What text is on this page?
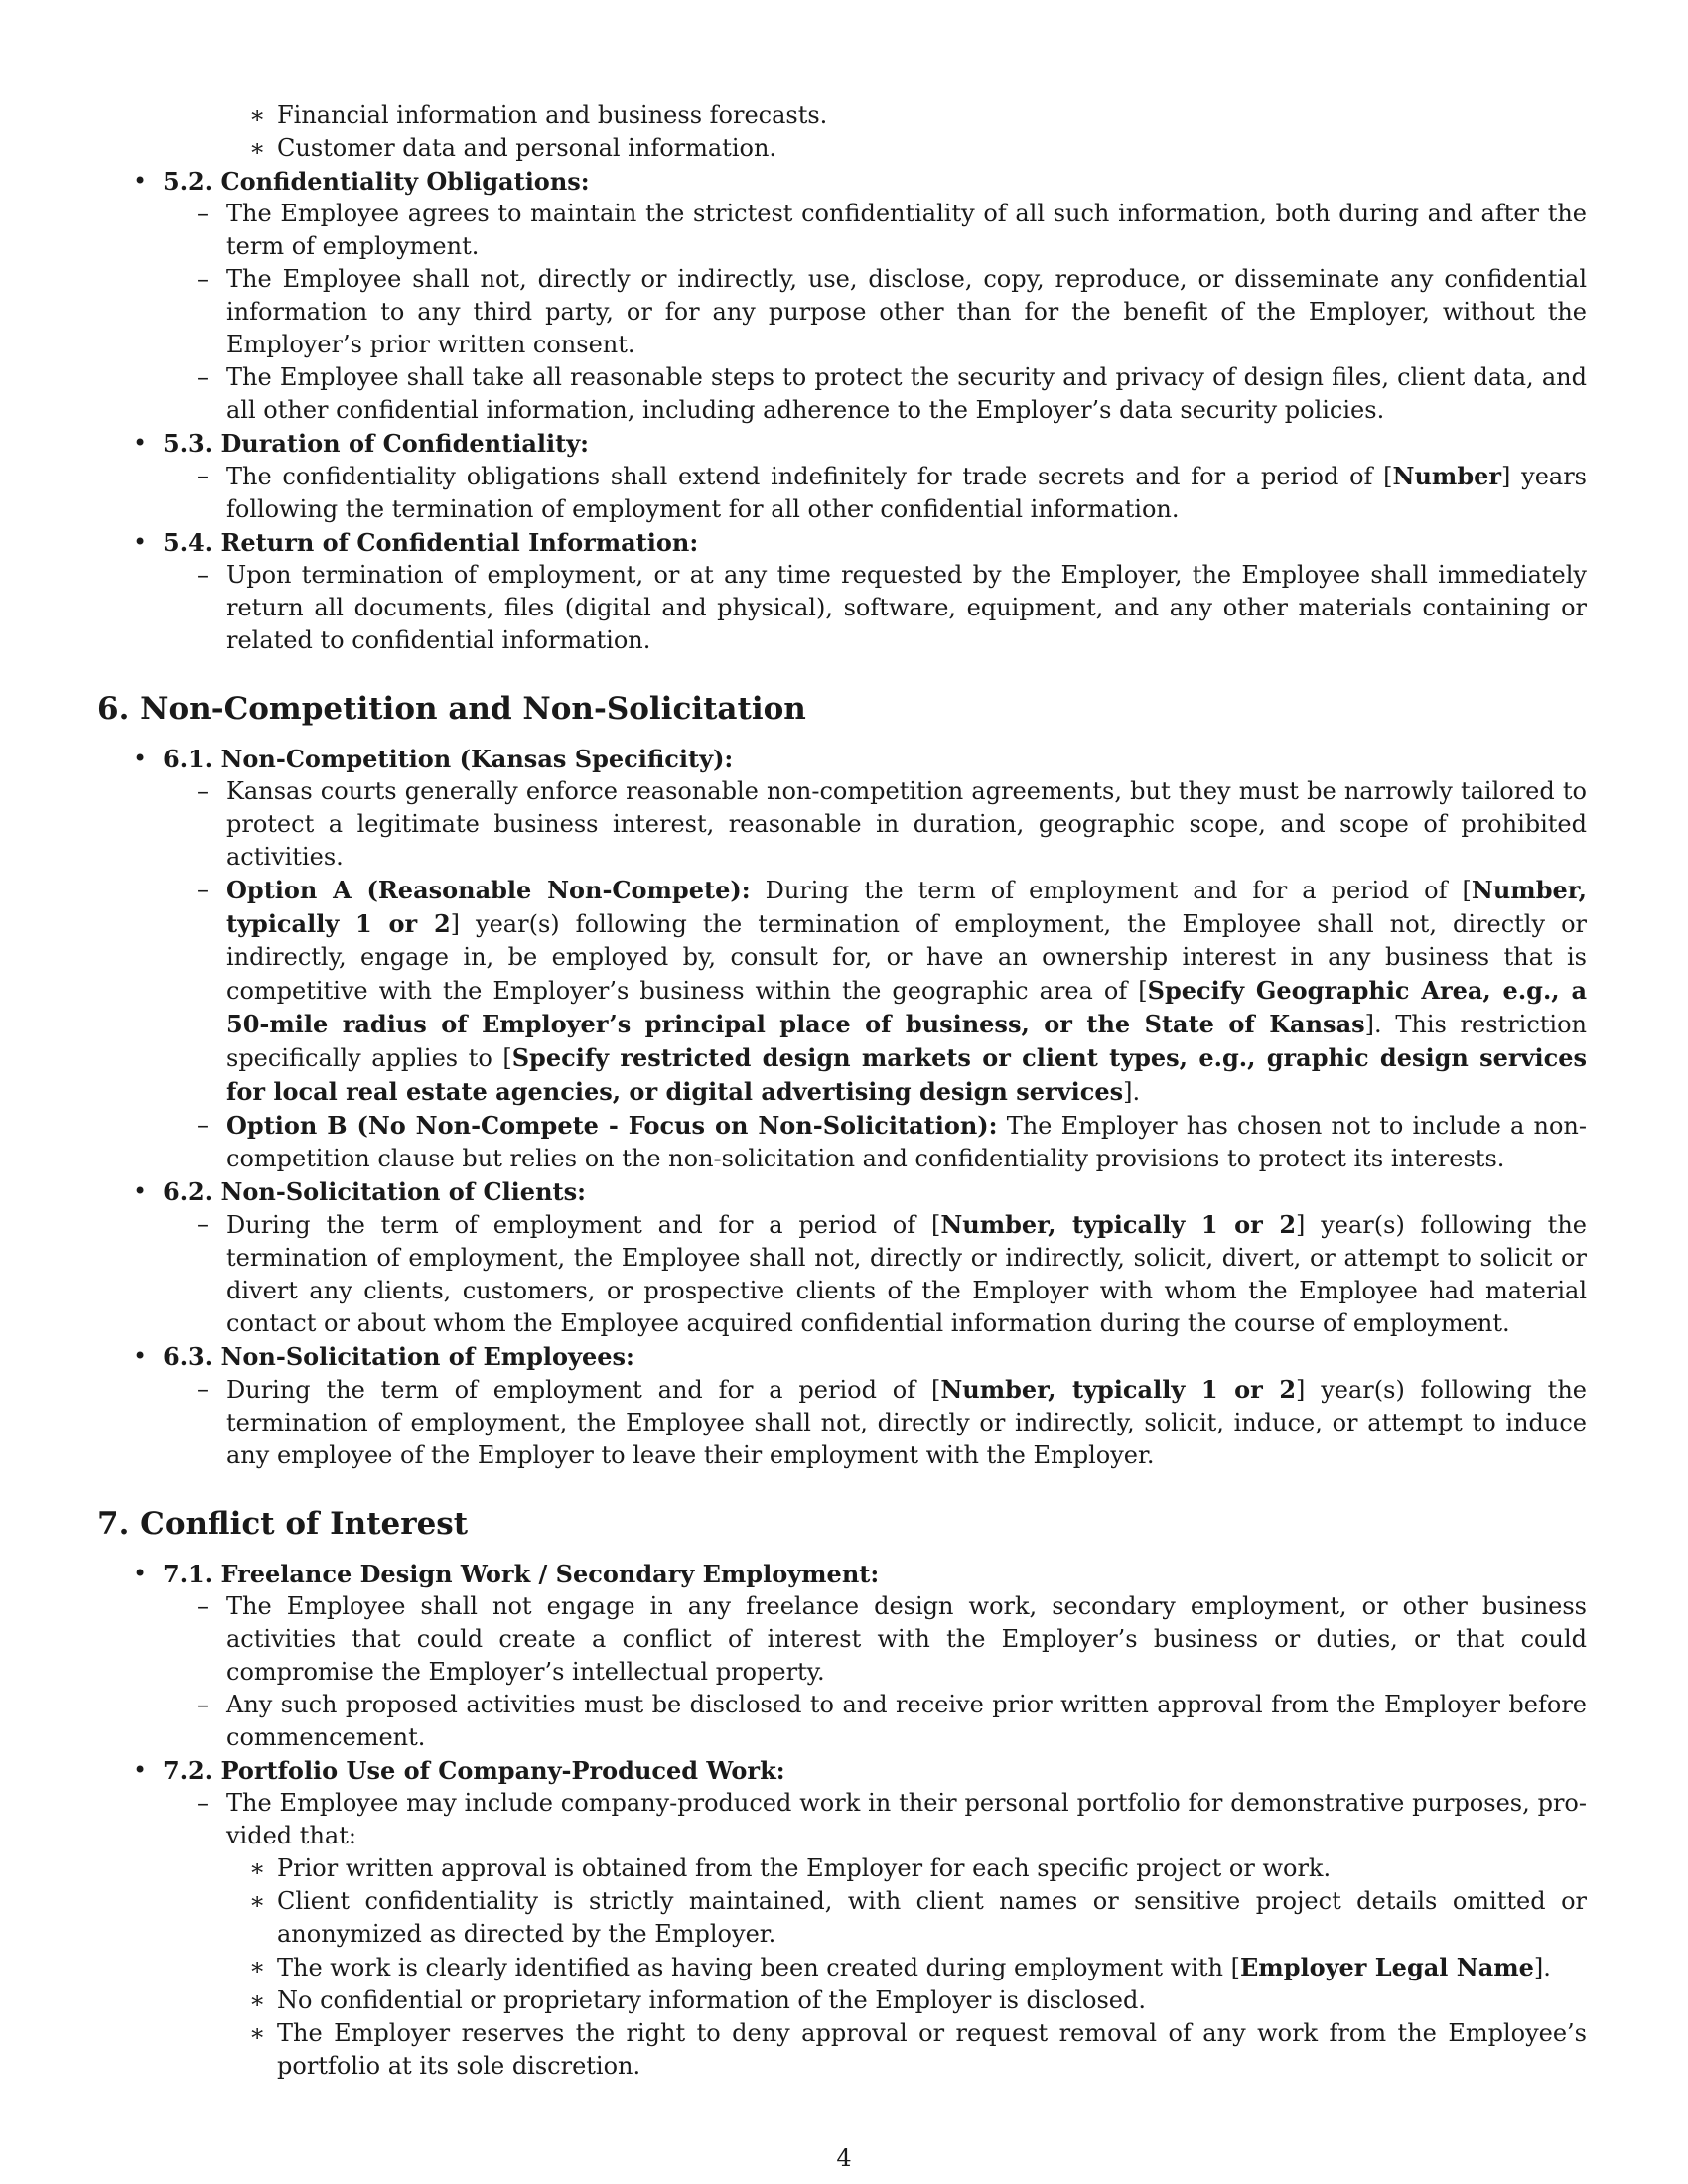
∗ Financial information and business forecasts.
∗ Customer data and personal information.
• 5.2. Confidentiality Obligations:
– The Employee agrees to maintain the strictest confidentiality of all such information, both during and after the term of employment.
– The Employee shall not, directly or indirectly, use, disclose, copy, reproduce, or disseminate any confidential information to any third party, or for any purpose other than for the benefit of the Employer, without the Employer’s prior written consent.
– The Employee shall take all reasonable steps to protect the security and privacy of design files, client data, and all other confidential information, including adherence to the Employer’s data security policies.
• 5.3. Duration of Confidentiality:
– The confidentiality obligations shall extend indefinitely for trade secrets and for a period of [Number] years following the termination of employment for all other confidential information.
• 5.4. Return of Confidential Information:
– Upon termination of employment, or at any time requested by the Employer, the Employee shall immediately return all documents, files (digital and physical), software, equipment, and any other materials containing or related to confidential information.
6. Non-Competition and Non-Solicitation
• 6.1. Non-Competition (Kansas Specificity):
– Kansas courts generally enforce reasonable non-competition agreements, but they must be narrowly tailored to protect a legitimate business interest, reasonable in duration, geographic scope, and scope of prohibited activities.
– Option A (Reasonable Non-Compete): During the term of employment and for a period of [Number, typically 1 or 2] year(s) following the termination of employment, the Employee shall not, directly or indirectly, engage in, be employed by, consult for, or have an ownership interest in any business that is competitive with the Employer’s business within the geographic area of [Specify Geographic Area, e.g., a 50-mile radius of Employer’s principal place of business, or the State of Kansas]. This restriction specifically applies to [Specify restricted design markets or client types, e.g., graphic design services for local real estate agencies, or digital advertising design services].
– Option B (No Non-Compete - Focus on Non-Solicitation): The Employer has chosen not to include a non-competition clause but relies on the non-solicitation and confidentiality provisions to protect its interests.
• 6.2. Non-Solicitation of Clients:
– During the term of employment and for a period of [Number, typically 1 or 2] year(s) following the termination of employment, the Employee shall not, directly or indirectly, solicit, divert, or attempt to solicit or divert any clients, customers, or prospective clients of the Employer with whom the Employee had material contact or about whom the Employee acquired confidential information during the course of employment.
• 6.3. Non-Solicitation of Employees:
– During the term of employment and for a period of [Number, typically 1 or 2] year(s) following the termination of employment, the Employee shall not, directly or indirectly, solicit, induce, or attempt to induce any employee of the Employer to leave their employment with the Employer.
7. Conflict of Interest
• 7.1. Freelance Design Work / Secondary Employment:
– The Employee shall not engage in any freelance design work, secondary employment, or other business activities that could create a conflict of interest with the Employer’s business or duties, or that could compromise the Employer’s intellectual property.
– Any such proposed activities must be disclosed to and receive prior written approval from the Employer before commencement.
• 7.2. Portfolio Use of Company-Produced Work:
– The Employee may include company-produced work in their personal portfolio for demonstrative purposes, pro-vided that:
∗ Prior written approval is obtained from the Employer for each specific project or work.
∗ Client confidentiality is strictly maintained, with client names or sensitive project details omitted or anonymized as directed by the Employer.
∗ The work is clearly identified as having been created during employment with [Employer Legal Name].
∗ No confidential or proprietary information of the Employer is disclosed.
∗ The Employer reserves the right to deny approval or request removal of any work from the Employee’s portfolio at its sole discretion.
4
